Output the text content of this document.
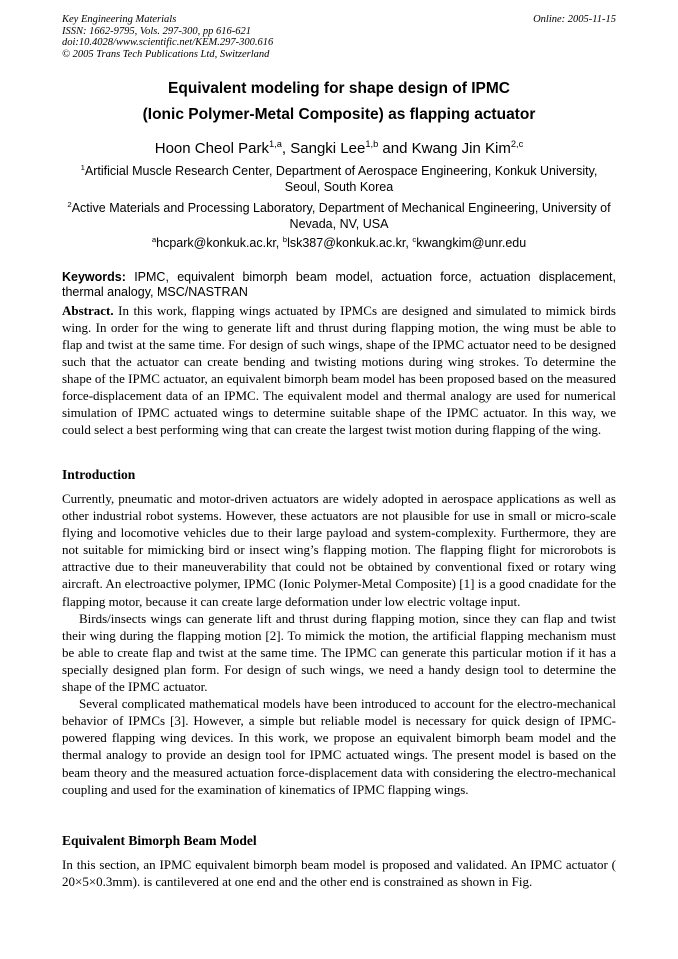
Key Engineering Materials
ISSN: 1662-9795, Vols. 297-300, pp 616-621
doi:10.4028/www.scientific.net/KEM.297-300.616
© 2005 Trans Tech Publications Ltd, Switzerland
Online: 2005-11-15
Equivalent modeling for shape design of IPMC
(Ionic Polymer-Metal Composite) as flapping actuator
Hoon Cheol Park$^{1,a}$, Sangki Lee$^{1,b}$ and Kwang Jin Kim$^{2,c}$
$^1$Artificial Muscle Research Center, Department of Aerospace Engineering, Konkuk University, Seoul, South Korea
$^2$Active Materials and Processing Laboratory, Department of Mechanical Engineering, University of Nevada, NV, USA
$^a$hcpark@konkuk.ac.kr, $^b$lsk387@konkuk.ac.kr, $^c$kwangkim@unr.edu
Keywords: IPMC, equivalent bimorph beam model, actuation force, actuation displacement, thermal analogy, MSC/NASTRAN
Abstract. In this work, flapping wings actuated by IPMCs are designed and simulated to mimick birds wing. In order for the wing to generate lift and thrust during flapping motion, the wing must be able to flap and twist at the same time. For design of such wings, shape of the IPMC actuator need to be designed such that the actuator can create bending and twisting motions during wing strokes. To determine the shape of the IPMC actuator, an equivalent bimorph beam model has been proposed based on the measured force-displacement data of an IPMC. The equivalent model and thermal analogy are used for numerical simulation of IPMC actuated wings to determine suitable shape of the IPMC actuator. In this way, we could select a best performing wing that can create the largest twist motion during flapping of the wing.
Introduction
Currently, pneumatic and motor-driven actuators are widely adopted in aerospace applications as well as other industrial robot systems. However, these actuators are not plausible for use in small or micro-scale flying and locomotive vehicles due to their large payload and system-complexity. Furthermore, they are not suitable for mimicking bird or insect wing’s flapping motion. The flapping flight for microrobots is attractive due to their maneuverability that could not be obtained by conventional fixed or rotary wing aircraft. An electroactive polymer, IPMC (Ionic Polymer-Metal Composite) [1] is a good cnadidate for the flapping motor, because it can create large deformation under low electric voltage input.
Birds/insects wings can generate lift and thrust during flapping motion, since they can flap and twist their wing during the flapping motion [2]. To mimick the motion, the artificial flapping mechanism must be able to create flap and twist at the same time. The IPMC can generate this particular motion if it has a specially designed plan form. For design of such wings, we need a handy design tool to determine the shape of the IPMC actuator.
Several complicated mathematical models have been introduced to account for the electro-mechanical behavior of IPMCs [3]. However, a simple but reliable model is necessary for quick design of IPMC-powered flapping wing devices. In this work, we propose an equivalent bimorph beam model and the thermal analogy to provide an design tool for IPMC actuated wings. The present model is based on the beam theory and the measured actuation force-displacement data with considering the electro-mechanical coupling and used for the examination of kinematics of IPMC flapping wings.
Equivalent Bimorph Beam Model
In this section, an IPMC equivalent bimorph beam model is proposed and validated. An IPMC actuator ( 20×5×0.3mm). is cantilevered at one end and the other end is constrained as shown in Fig.
